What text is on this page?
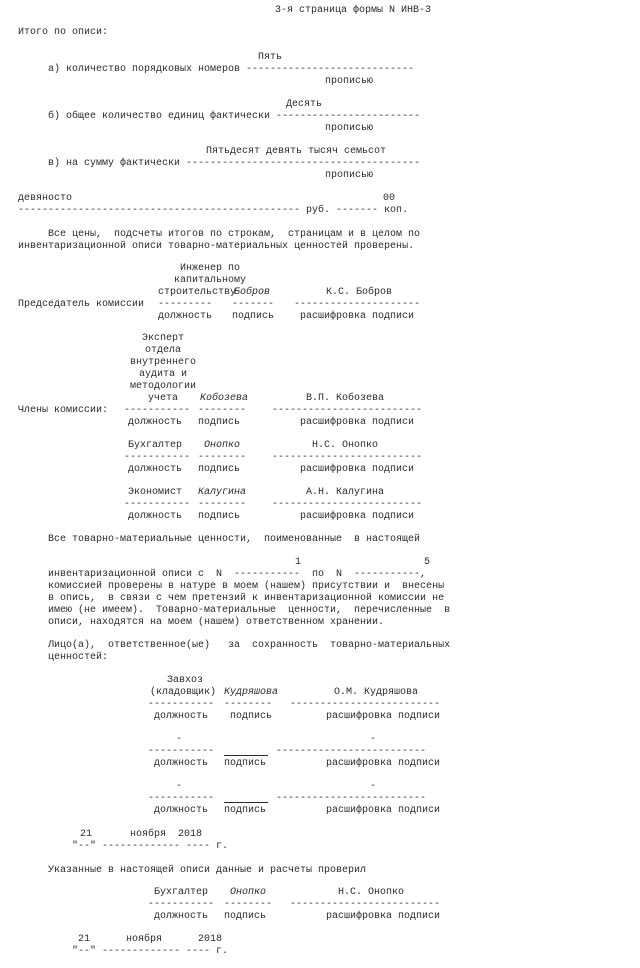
3-я страница формы N ИНВ-3
Итого по описи:
Пять
а) количество порядковых номеров ----------------------------
прописью
Десять
б) общее количество единиц фактически ------------------------
прописью
Пятьдесят девять тысяч семьсот
в) на сумму фактически ---------------------------------------
прописью
девяносто	00
----------------------------------------------- руб. ------- коп.
Все цены,  подсчеты итогов по строкам,  страницам и в целом по
инвентаризационной описи товарно-материальных ценностей проверены.
Инженер по
капитальному
строительству
Бобров	К.С. Бобров
Председатель комиссии --------- ------- ---------------------
должность подпись	расшифровка подписи
Эксперт
отдела
внутреннего
аудита и
методологии
учета	Кобозева	В.П. Кобозева
Члены комиссии: ----------- --------	-------------------------
должность подпись	расшифровка подписи
Бухгалтер Онопко	Н.С. Онопко
----------- --------	-------------------------
должность подпись	расшифровка подписи
Экономист Калугина	А.Н. Калугина
----------- --------	-------------------------
должность подпись	расшифровка подписи
Все товарно-материальные ценности,  поименованные  в настоящей
1	5
инвентаризационной описи с  N  -----------  по  N  -----------,
комиссией проверены в натуре в моем (нашем) присутствии и  внесены
в опись,  в связи с чем претензий к инвентаризационной комиссии не
имею (не имеем).  Товарно-материальные  ценности,  перечисленные  в
описи, находятся на моем (нашем) ответственном хранении.
Лицо(а),  ответственное(ые)   за  сохранность  товарно-материальных
ценностей:
Завхоз
(кладовщик) Кудряшова	О.М. Кудряшова
----------- -------- -------------------------
должность подпись	расшифровка подписи
-	-
-----------	-------------------------
должность подпись	расшифровка подписи
-	-
-----------	-------------------------
должность подпись	расшифровка подписи
21	ноября 2018
"--" ------------- ---- г.
Указанные в настоящей описи данные и расчеты проверил
Бухгалтер Онопко	Н.С. Онопко
----------- -------- -------------------------
должность подпись	расшифровка подписи
21	ноября	2018
"--" ------------- ---- г.
